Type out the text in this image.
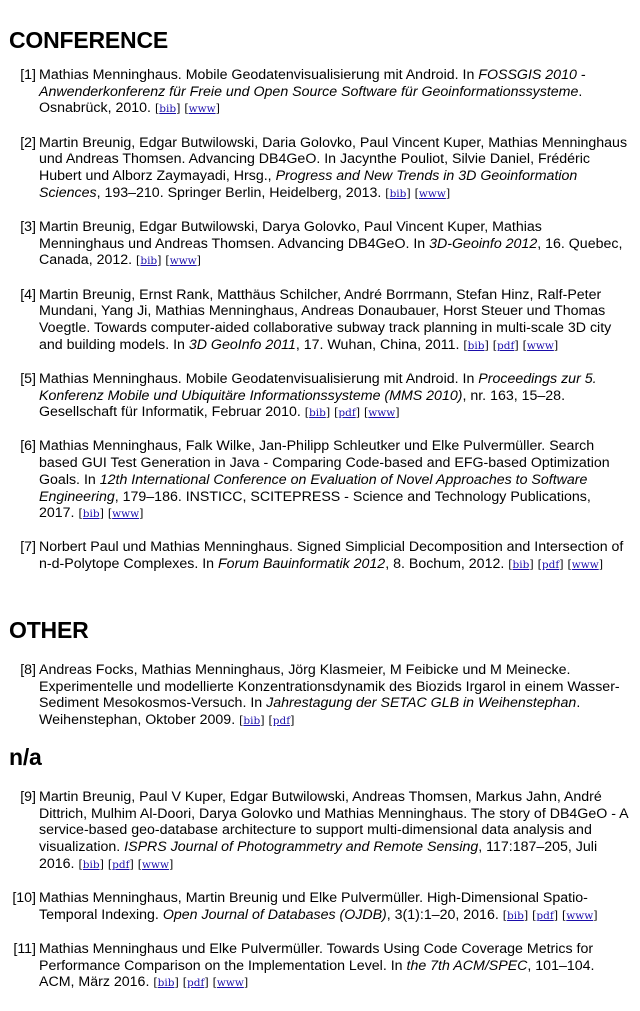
CONFERENCE
[1] Mathias Menninghaus. Mobile Geodatenvisualisierung mit Android. In FOSSGIS 2010 - Anwenderkonferenz für Freie und Open Source Software für Geoinformationssysteme. Osnabrück, 2010. [bib] [www]
[2] Martin Breunig, Edgar Butwilowski, Daria Golovko, Paul Vincent Kuper, Mathias Menninghaus und Andreas Thomsen. Advancing DB4GeO. In Jacynthe Pouliot, Silvie Daniel, Frédéric Hubert und Alborz Zaymayadi, Hrsg., Progress and New Trends in 3D Geoinformation Sciences, 193–210. Springer Berlin, Heidelberg, 2013. [bib] [www]
[3] Martin Breunig, Edgar Butwilowski, Darya Golovko, Paul Vincent Kuper, Mathias Menninghaus und Andreas Thomsen. Advancing DB4GeO. In 3D-Geoinfo 2012, 16. Quebec, Canada, 2012. [bib] [www]
[4] Martin Breunig, Ernst Rank, Matthäus Schilcher, André Borrmann, Stefan Hinz, Ralf-Peter Mundani, Yang Ji, Mathias Menninghaus, Andreas Donaubauer, Horst Steuer und Thomas Voegtle. Towards computer-aided collaborative subway track planning in multi-scale 3D city and building models. In 3D GeoInfo 2011, 17. Wuhan, China, 2011. [bib] [pdf] [www]
[5] Mathias Menninghaus. Mobile Geodatenvisualisierung mit Android. In Proceedings zur 5. Konferenz Mobile und Ubiquitäre Informationssysteme (MMS 2010), nr. 163, 15–28. Gesellschaft für Informatik, Februar 2010. [bib] [pdf] [www]
[6] Mathias Menninghaus, Falk Wilke, Jan-Philipp Schleutker und Elke Pulvermüller. Search based GUI Test Generation in Java - Comparing Code-based and EFG-based Optimization Goals. In 12th International Conference on Evaluation of Novel Approaches to Software Engineering, 179–186. INSTICC, SCITEPRESS - Science and Technology Publications, 2017. [bib] [www]
[7] Norbert Paul und Mathias Menninghaus. Signed Simplicial Decomposition and Intersection of n-d-Polytope Complexes. In Forum Bauinformatik 2012, 8. Bochum, 2012. [bib] [pdf] [www]
OTHER
[8] Andreas Focks, Mathias Menninghaus, Jörg Klasmeier, M Feibicke und M Meinecke. Experimentelle und modellierte Konzentrationsdynamik des Biozids Irgarol in einem Wasser-Sediment Mesokosmos-Versuch. In Jahrestagung der SETAC GLB in Weihenstephan. Weihenstephan, Oktober 2009. [bib] [pdf]
n/a
[9] Martin Breunig, Paul V Kuper, Edgar Butwilowski, Andreas Thomsen, Markus Jahn, André Dittrich, Mulhim Al-Doori, Darya Golovko und Mathias Menninghaus. The story of DB4GeO - A service-based geo-database architecture to support multi-dimensional data analysis and visualization. ISPRS Journal of Photogrammetry and Remote Sensing, 117:187–205, Juli 2016. [bib] [pdf] [www]
[10] Mathias Menninghaus, Martin Breunig und Elke Pulvermüller. High-Dimensional Spatio-Temporal Indexing. Open Journal of Databases (OJDB), 3(1):1–20, 2016. [bib] [pdf] [www]
[11] Mathias Menninghaus und Elke Pulvermüller. Towards Using Code Coverage Metrics for Performance Comparison on the Implementation Level. In the 7th ACM/SPEC, 101–104. ACM, März 2016. [bib] [pdf] [www]
